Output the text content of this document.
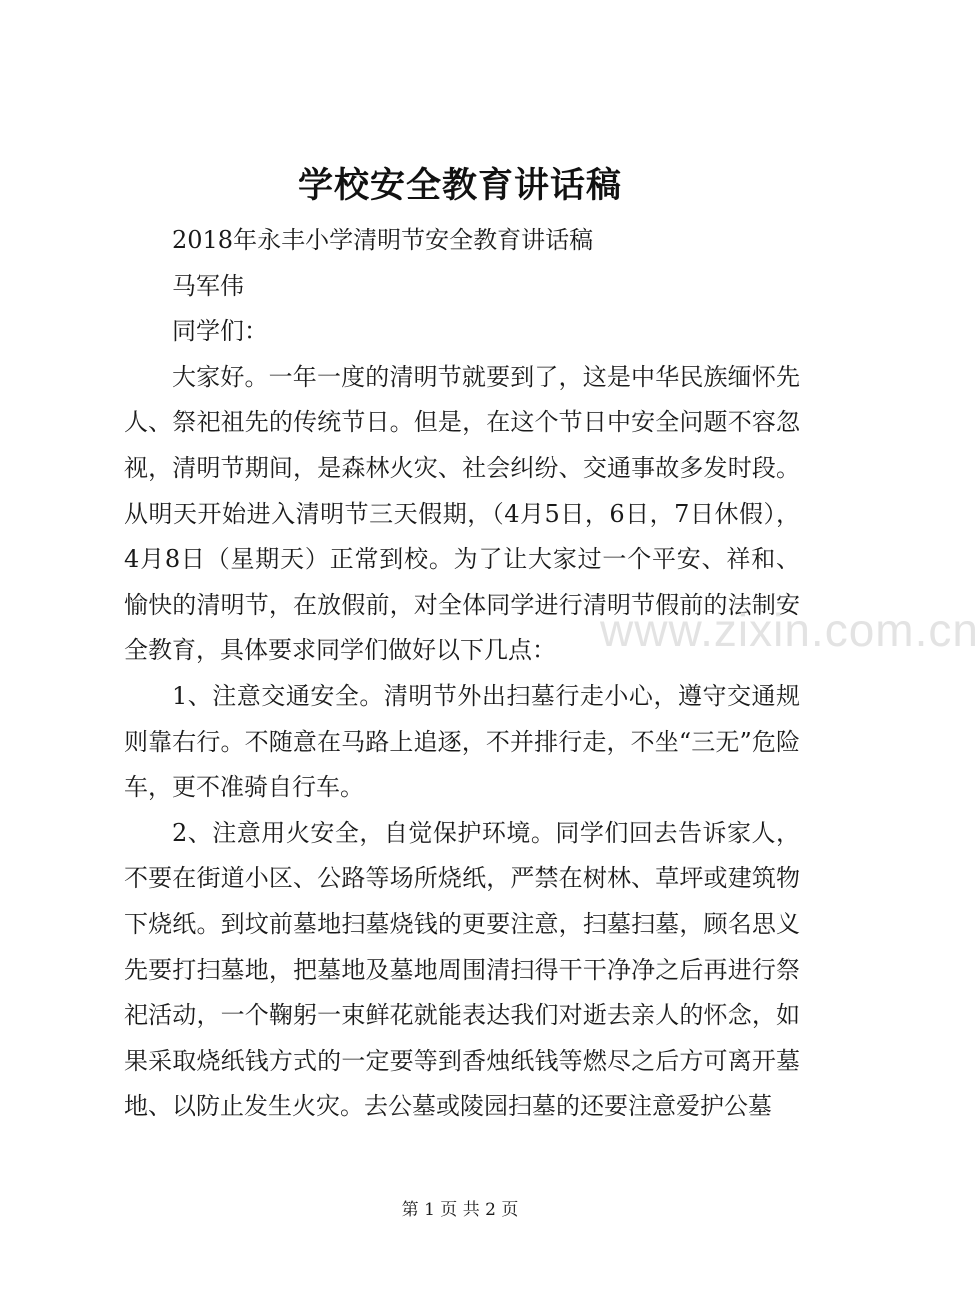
学校安全教育讲话稿

2018年永丰小学清明节安全教育讲话稿

马军伟

同学们：

大家好。一年一度的清明节就要到了，这是中华民族缅怀先人、祭祀祖先的传统节日。但是，在这个节日中安全问题不容忽视，清明节期间，是森林火灾、社会纠纷、交通事故多发时段。从明天开始进入清明节三天假期，（4月5日，6日，7日休假），4月8日（星期天）正常到校。为了让大家过一个平安、祥和、愉快的清明节，在放假前，对全体同学进行清明节假前的法制安全教育，具体要求同学们做好以下几点：

1、注意交通安全。清明节外出扫墓行走小心，遵守交通规则靠右行。不随意在马路上追逐，不并排行走，不坐“三无”危险车，更不准骑自行车。

2、注意用火安全，自觉保护环境。同学们回去告诉家人，不要在街道小区、公路等场所烧纸，严禁在树林、草坪或建筑物下烧纸。到坟前墓地扫墓烧钱的更要注意，扫墓扫墓，顾名思义先要打扫墓地，把墓地及墓地周围清扫得干干净净之后再进行祭祀活动，一个鞠躬一束鲜花就能表达我们对逝去亲人的怀念，如果采取烧纸钱方式的一定要等到香烛纸钱等燃尽之后方可离开墓地、以防止发生火灾。去公墓或陵园扫墓的还要注意爱护公墓

www.zixin.com.cn
第 1 页 共 2 页
